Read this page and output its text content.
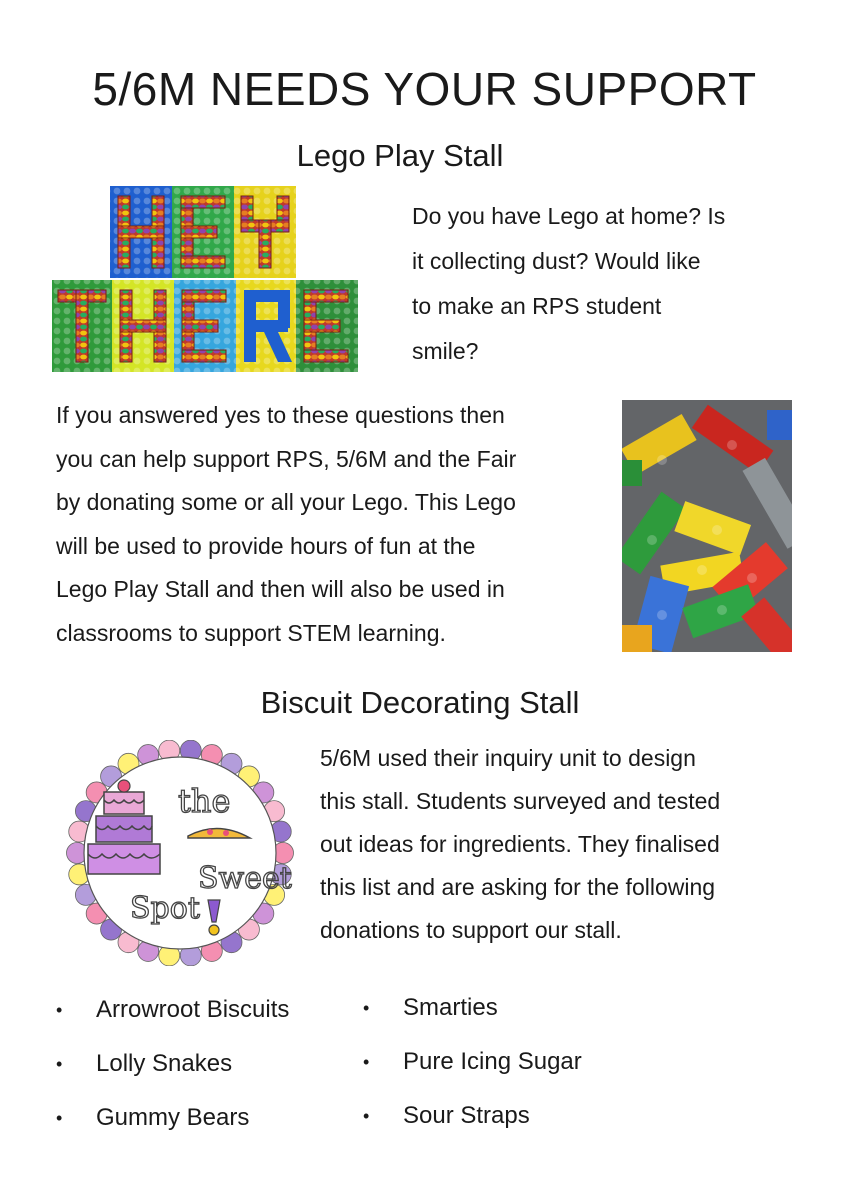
5/6M NEEDS YOUR SUPPORT
Lego Play Stall
Do you have Lego at home? Is
it collecting dust? Would like
to make an RPS student
smile?
If you answered yes to these questions then
you can help support RPS, 5/6M and the Fair
by donating some or all your Lego. This Lego
will be used to provide hours of fun at the
Lego Play Stall and then will also be used in
classrooms to support STEM learning.
Biscuit Decorating Stall
the
Sweet
Spot
5/6M used their inquiry unit to design
this stall. Students surveyed and tested
out ideas for ingredients. They finalised
this list and are asking for the following
donations to support our stall.
• Arrowroot Biscuits
• Lolly Snakes
• Gummy Bears
• Smarties
• Pure Icing Sugar
• Sour Straps
